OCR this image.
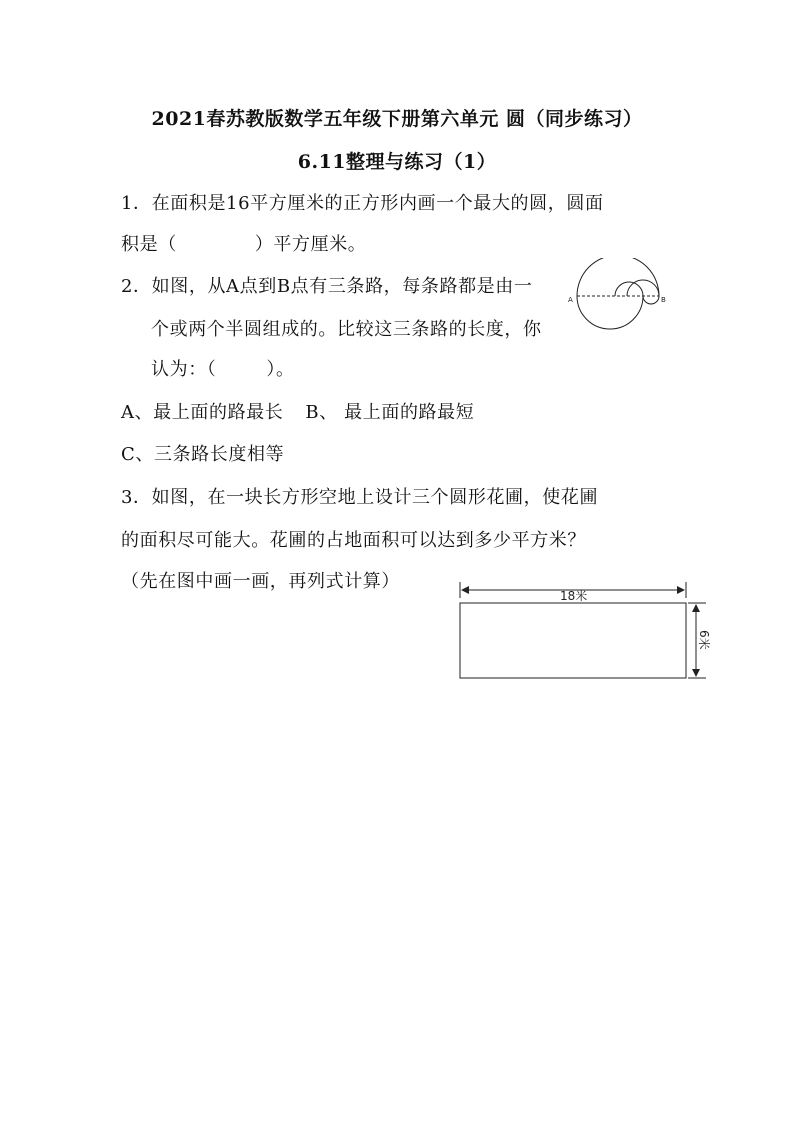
2021春苏教版数学五年级下册第六单元 圆（同步练习）
6.11整理与练习（1）
1．在面积是16平方厘米的正方形内画一个最大的圆，圆面
积是（	）平方厘米。
2．如图，从A点到B点有三条路，每条路都是由一
个或两个半圆组成的。比较这三条路的长度，你
认为：（	）。
A、最上面的路最长 B、 最上面的路最短
C、三条路长度相等
A	B
3．如图，在一块长方形空地上设计三个圆形花圃，使花圃
的面积尽可能大。花圃的占地面积可以达到多少平方米？
（先在图中画一画，再列式计算）
18米
6米
